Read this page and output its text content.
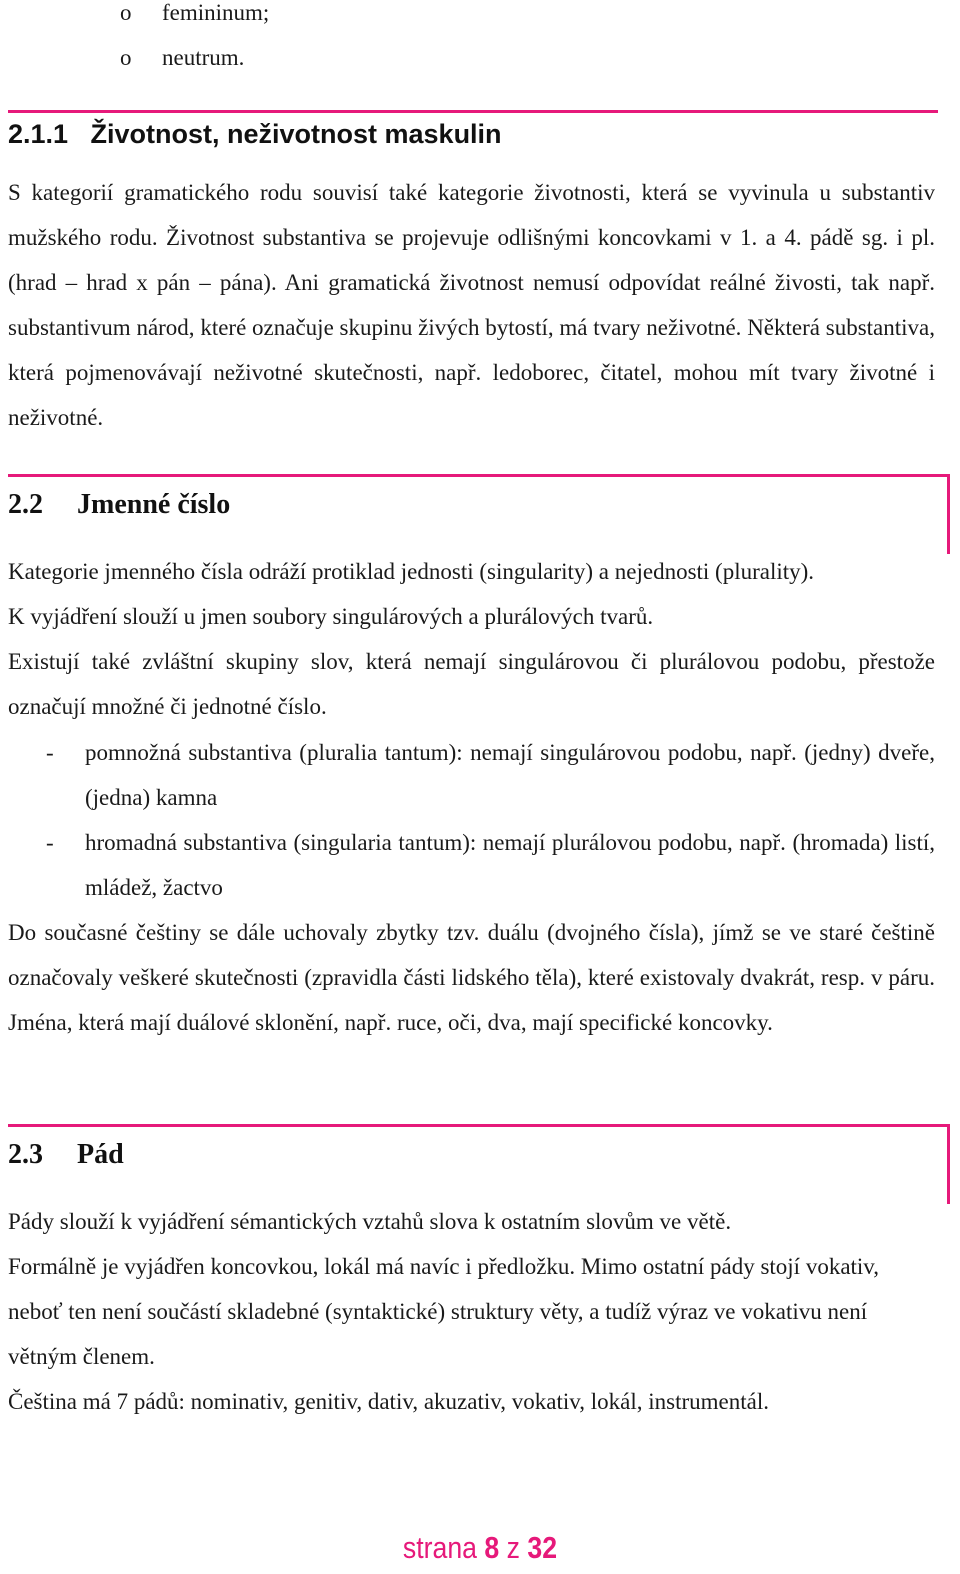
o femininum;
o neutrum.
2.1.1 Životnost, neživotnost maskulin

S kategorií gramatického rodu souvisí také kategorie životnosti, která se vyvinula u substantiv mužského rodu. Životnost substantiva se projevuje odlišnými koncovkami v 1. a 4. pádě sg. i pl. (hrad – hrad x pán – pána). Ani gramatická životnost nemusí odpovídat reálné živosti, tak např. substantivum národ, které označuje skupinu živých bytostí, má tvary neživotné. Některá substantiva, která pojmenovávají neživotné skutečnosti, např. ledoborec, čitatel, mohou mít tvary životné i neživotné.

2.2 Jmenné číslo

Kategorie jmenného čísla odráží protiklad jednosti (singularity) a nejednosti (plurality).

K vyjádření slouží u jmen soubory singulárových a plurálových tvarů.

Existují také zvláštní skupiny slov, která nemají singulárovou či plurálovou podobu, přestože označují množné či jednotné číslo.

- pomnožná substantiva (pluralia tantum): nemají singulárovou podobu, např. (jedny) dveře, (jedna) kamna
- hromadná substantiva (singularia tantum): nemají plurálovou podobu, např. (hromada) listí, mládež, žactvo

Do současné češtiny se dále uchovaly zbytky tzv. duálu (dvojného čísla), jímž se ve staré češtině označovaly veškeré skutečnosti (zpravidla části lidského těla), které existovaly dvakrát, resp. v páru. Jména, která mají duálové sklonění, např. ruce, oči, dva, mají specifické koncovky.

2.3 Pád

Pády slouží k vyjádření sémantických vztahů slova k ostatním slovům ve větě.

Formálně je vyjádřen koncovkou, lokál má navíc i předložku. Mimo ostatní pády stojí vokativ, neboť ten není součástí skladebné (syntaktické) struktury věty, a tudíž výraz ve vokativu není větným členem.

Čeština má 7 pádů: nominativ, genitiv, dativ, akuzativ, vokativ, lokál, instrumentál.

strana 8 z 32
